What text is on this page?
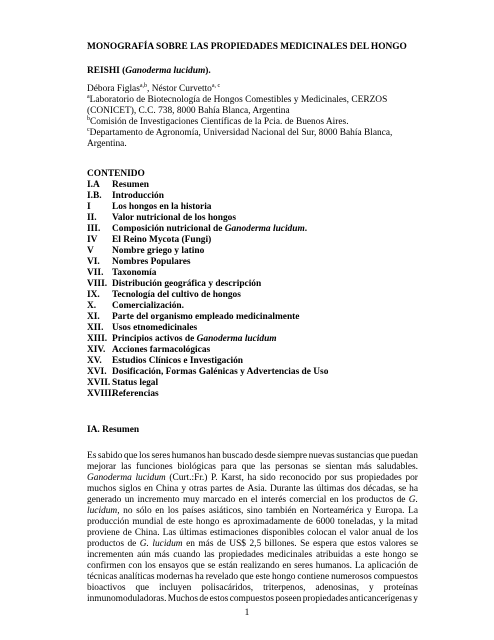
MONOGRAFÍA SOBRE LAS PROPIEDADES MEDICINALES DEL HONGO
REISHI (Ganoderma lucidum).
Débora Figlas$^{a,b}$, Néstor Curvetto$^{a, c}$
$^a$Laboratorio de Biotecnología de Hongos Comestibles y Medicinales, CERZOS
(CONICET), C.C. 738, 8000 Bahía Blanca, Argentina
$^b$Comisión de Investigaciones Científicas de la Pcia. de Buenos Aires.
$^c$Departamento de Agronomía, Universidad Nacional del Sur, 8000 Bahía Blanca,
Argentina.
CONTENIDO
I.A Resumen
I.B. Introducción
I Los hongos en la historia
II. Valor nutricional de los hongos
III. Composición nutricional de Ganoderma lucidum.
IV El Reino Mycota (Fungi)
V Nombre griego y latino
VI. Nombres Populares
VII. Taxonomía
VIII. Distribución geográfica y descripción
IX. Tecnología del cultivo de hongos
X. Comercialización.
XI. Parte del organismo empleado medicinalmente
XII. Usos etnomedicinales
XIII. Principios activos de Ganoderma lucidum
XIV. Acciones farmacológicas
XV. Estudios Clínicos e Investigación
XVI. Dosificación, Formas Galénicas y Advertencias de Uso
XVII. Status legal
XVIII.
Referencias
IA. Resumen
Es sabido que los seres humanos han buscado desde siempre nuevas sustancias que puedan
mejorar las funciones biológicas para que las personas se sientan más saludables.
Ganoderma lucidum (Curt.:Fr.) P. Karst, ha sido reconocido por sus propiedades por
muchos siglos en China y otras partes de Asia. Durante las últimas dos décadas, se ha
generado un incremento muy marcado en el interés comercial en los productos de G.
lucidum, no sólo en los países asiáticos, sino también en Norteamérica y Europa. La
producción mundial de este hongo es aproximadamente de 6000 toneladas, y la mitad
proviene de China. Las últimas estimaciones disponibles colocan el valor anual de los
productos de G. lucidum en más de US$ 2,5 billones. Se espera que estos valores se
incrementen aún más cuando las propiedades medicinales atribuidas a este hongo se
confirmen con los ensayos que se están realizando en seres humanos. La aplicación de
técnicas analíticas modernas ha revelado que este hongo contiene numerosos compuestos
bioactivos que incluyen polisacáridos, triterpenos, adenosinas, y proteínas
inmunomoduladoras. Muchos de estos compuestos poseen propiedades anticancerígenas y
1
